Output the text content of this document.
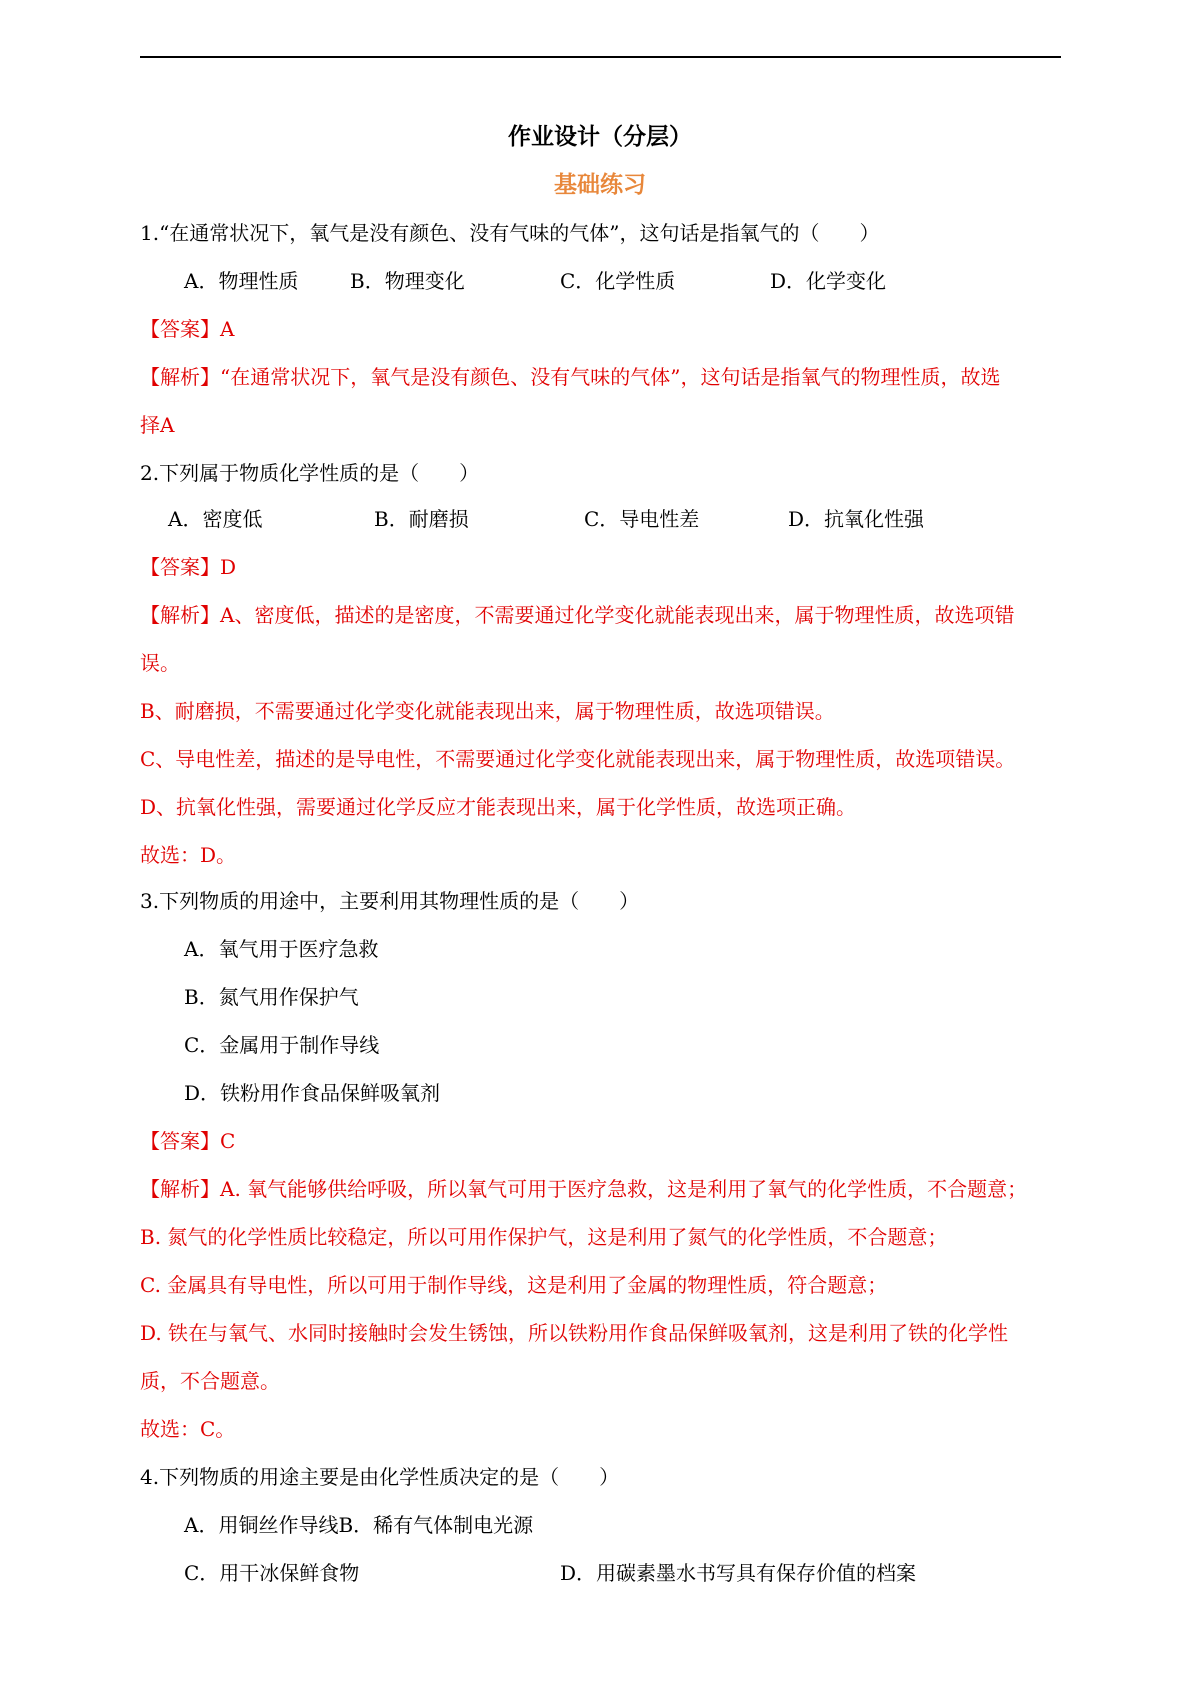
作业设计（分层）
基础练习
1.“在通常状况下，氧气是没有颜色、没有气味的气体”，这句话是指氧气的（　　）
A．物理性质	B．物理变化	C．化学性质	D．化学变化
【答案】A
【解析】“在通常状况下，氧气是没有颜色、没有气味的气体”，这句话是指氧气的物理性质，故选
择A
2.下列属于物质化学性质的是（　　）
A．密度低	B．耐磨损	C．导电性差	D．抗氧化性强
【答案】D
【解析】A、密度低，描述的是密度，不需要通过化学变化就能表现出来，属于物理性质，故选项错
误。
B、耐磨损，不需要通过化学变化就能表现出来，属于物理性质，故选项错误。
C、导电性差，描述的是导电性，不需要通过化学变化就能表现出来，属于物理性质，故选项错误。
D、抗氧化性强，需要通过化学反应才能表现出来，属于化学性质，故选项正确。
故选：D。
3.下列物质的用途中，主要利用其物理性质的是（　　）
A．氧气用于医疗急救
B．氮气用作保护气
C．金属用于制作导线
D．铁粉用作食品保鲜吸氧剂
【答案】C
【解析】A. 氧气能够供给呼吸，所以氧气可用于医疗急救，这是利用了氧气的化学性质，不合题意；
B. 氮气的化学性质比较稳定，所以可用作保护气，这是利用了氮气的化学性质，不合题意；
C. 金属具有导电性，所以可用于制作导线，这是利用了金属的物理性质，符合题意；
D. 铁在与氧气、水同时接触时会发生锈蚀，所以铁粉用作食品保鲜吸氧剂，这是利用了铁的化学性
质，不合题意。
故选：C。
4.下列物质的用途主要是由化学性质决定的是（　　）
A．用铜丝作导线B．稀有气体制电光源
C．用干冰保鲜食物	D．用碳素墨水书写具有保存价值的档案
